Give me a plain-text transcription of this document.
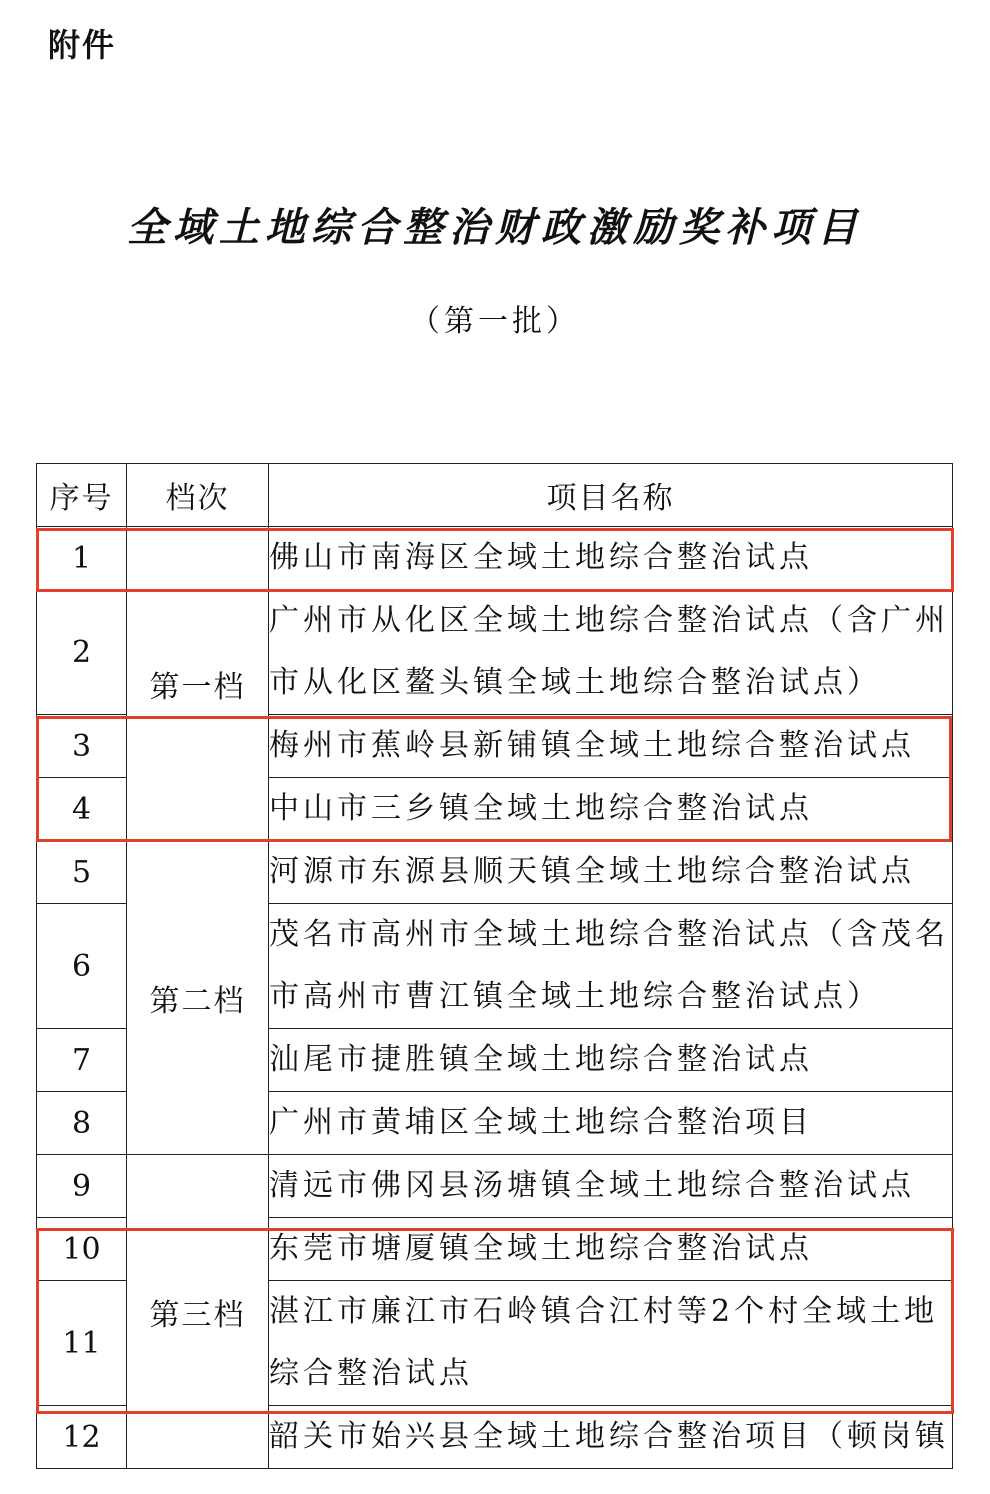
附件
全域土地综合整治财政激励奖补项目
（第一批）
序号	档次	项目名称
1	第一档	佛山市南海区全域土地综合整治试点
2		广州市从化区全域土地综合整治试点（含广州市从化区鳌头镇全域土地综合整治试点）
3		梅州市蕉岭县新铺镇全域土地综合整治试点
4		中山市三乡镇全域土地综合整治试点
5	第二档	河源市东源县顺天镇全域土地综合整治试点
6		茂名市高州市全域土地综合整治试点（含茂名市高州市曹江镇全域土地综合整治试点）
7		汕尾市捷胜镇全域土地综合整治试点
8		广州市黄埔区全域土地综合整治项目
9	第三档	清远市佛冈县汤塘镇全域土地综合整治试点
10		东莞市塘厦镇全域土地综合整治试点
11		湛江市廉江市石岭镇合江村等2个村全域土地综合整治试点
12		韶关市始兴县全域土地综合整治项目（顿岗镇
